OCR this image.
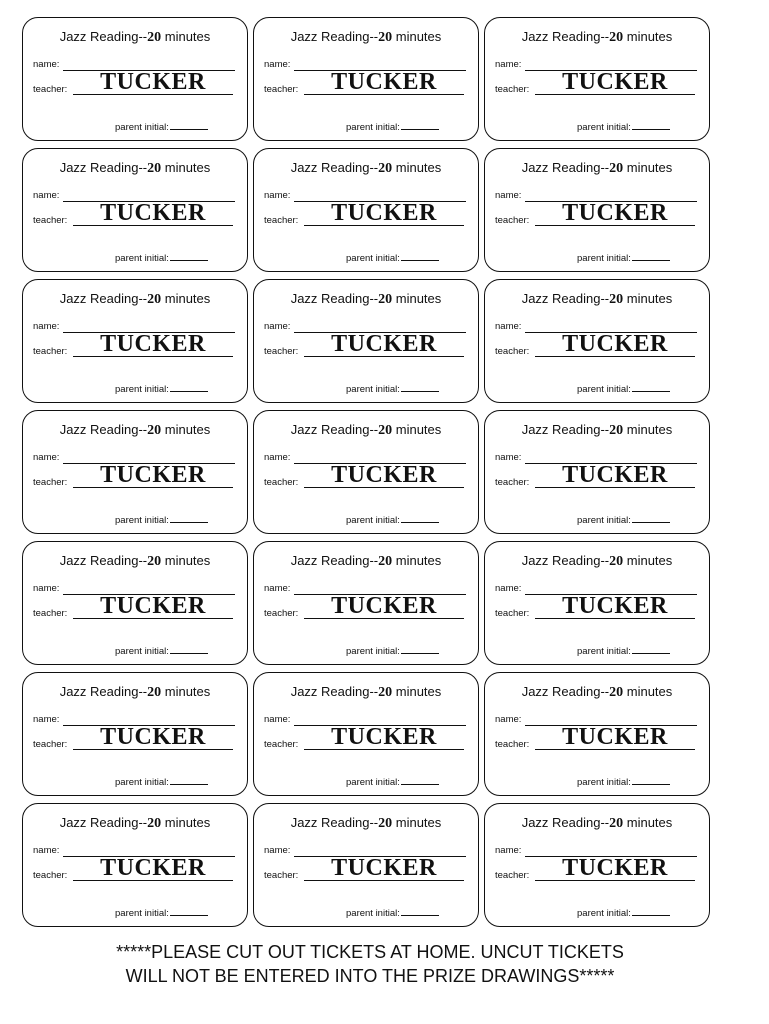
Jazz Reading--20 minutes
name:
teacher:	TUCKER
parent initial:
Jazz Reading--20 minutes
name:
teacher:	TUCKER
parent initial:
Jazz Reading--20 minutes
name:
teacher:	TUCKER
parent initial:
Jazz Reading--20 minutes
name:
teacher:	TUCKER
parent initial:
Jazz Reading--20 minutes
name:
teacher:	TUCKER
parent initial:
Jazz Reading--20 minutes
name:
teacher:	TUCKER
parent initial:
Jazz Reading--20 minutes
name:
teacher:	TUCKER
parent initial:
Jazz Reading--20 minutes
name:
teacher:	TUCKER
parent initial:
Jazz Reading--20 minutes
name:
teacher:	TUCKER
parent initial:
Jazz Reading--20 minutes
name:
teacher:	TUCKER
parent initial:
Jazz Reading--20 minutes
name:
teacher:	TUCKER
parent initial:
Jazz Reading--20 minutes
name:
teacher:	TUCKER
parent initial:
Jazz Reading--20 minutes
name:
teacher:	TUCKER
parent initial:
Jazz Reading--20 minutes
name:
teacher:	TUCKER
parent initial:
Jazz Reading--20 minutes
name:
teacher:	TUCKER
parent initial:
Jazz Reading--20 minutes
name:
teacher:	TUCKER
parent initial:
Jazz Reading--20 minutes
name:
teacher:	TUCKER
parent initial:
Jazz Reading--20 minutes
name:
teacher:	TUCKER
parent initial:
Jazz Reading--20 minutes
name:
teacher:	TUCKER
parent initial:
Jazz Reading--20 minutes
name:
teacher:	TUCKER
parent initial:
Jazz Reading--20 minutes
name:
teacher:	TUCKER
parent initial:
*****PLEASE CUT OUT TICKETS AT HOME. UNCUT TICKETS WILL NOT BE ENTERED INTO THE PRIZE DRAWINGS*****
